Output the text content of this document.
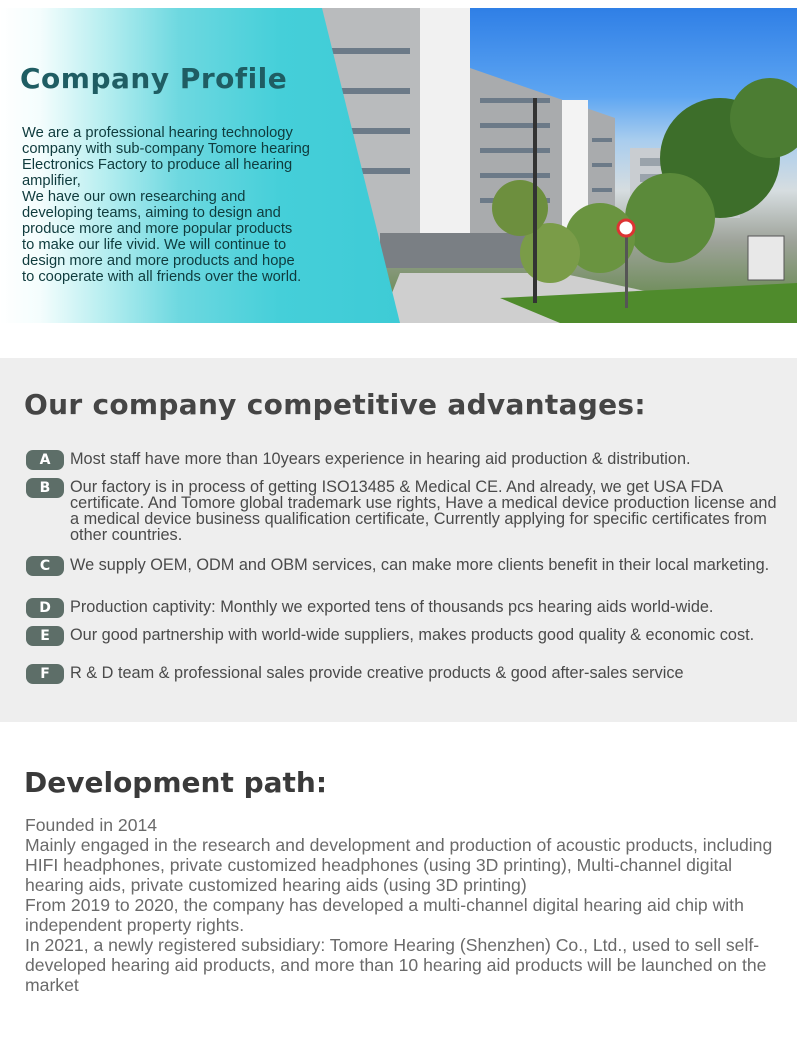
Company Profile

We are a professional hearing technology

company with sub-company Tomore hearing

Electronics Factory to produce all hearing

amplifier,

We have our own researching and

developing teams, aiming to design and

produce more and more popular products

to make our life vivid. We will continue to

design more and more products and hope

to cooperate with all friends over the world.

Our company competitive advantages:
A	Most staff have more than 10years experience in hearing aid production & distribution.
B	Our factory is in process of getting ISO13485 & Medical CE. And already, we get USA FDA certificate. And Tomore global trademark use rights, Have a medical device production license and a medical device business qualification certificate, Currently applying for specific certificates from other countries.
C	We supply OEM, ODM and OBM services, can make more clients benefit in their local marketing.
D	Production captivity: Monthly we exported tens of thousands pcs hearing aids world-wide.
E	Our good partnership with world-wide suppliers, makes products good quality & economic cost.
F	R & D team & professional sales provide creative products & good after-sales service
Development path:

Founded in 2014

Mainly engaged in the research and development and production of acoustic products, including HIFI headphones, private customized headphones (using 3D printing), Multi-channel digital hearing aids, private customized hearing aids (using 3D printing)

From 2019 to 2020, the company has developed a multi-channel digital hearing aid chip with independent property rights.

In 2021, a newly registered subsidiary: Tomore Hearing (Shenzhen) Co., Ltd., used to sell self-developed hearing aid products, and more than 10 hearing aid products will be launched on the market
